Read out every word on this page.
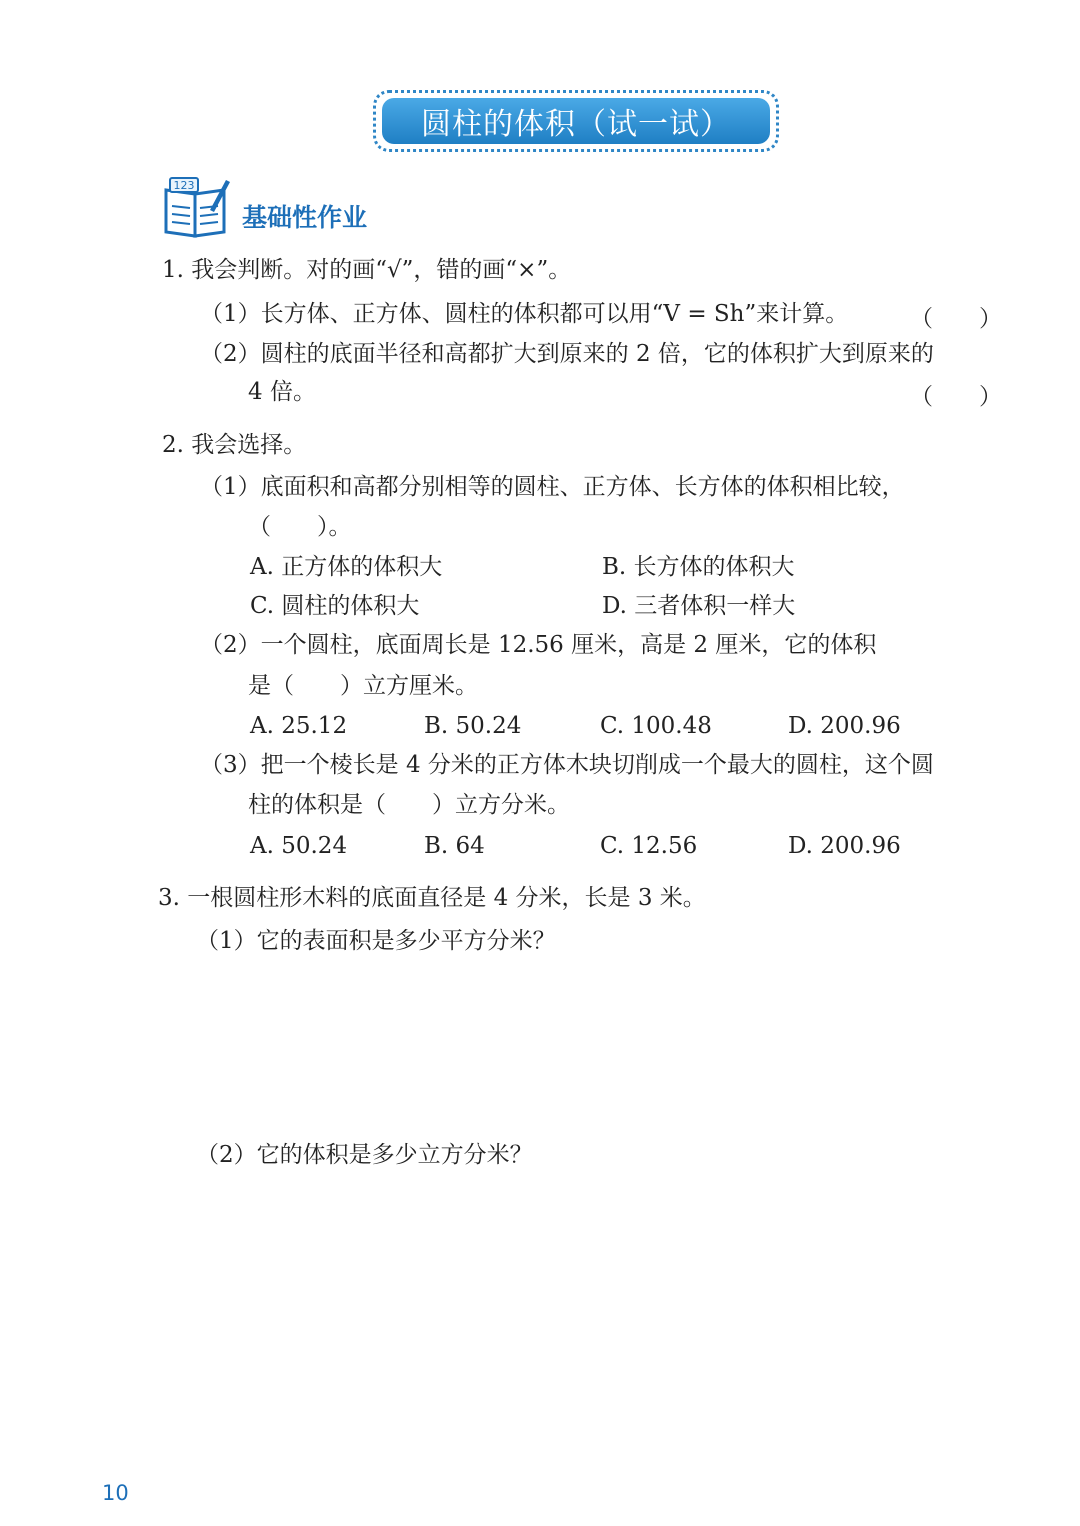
圆柱的体积（试一试）
123
基础性作业
1. 我会判断。对的画“√”，错的画“×”。
（1）长方体、正方体、圆柱的体积都可以用“V = Sh”来计算。	（　　）
（2）圆柱的底面半径和高都扩大到原来的 2 倍，它的体积扩大到原来的
4 倍。	（　　）
2. 我会选择。
（1）底面积和高都分别相等的圆柱、正方体、长方体的体积相比较，
（　　）。
A. 正方体的体积大	B. 长方体的体积大
C. 圆柱的体积大	D. 三者体积一样大
（2）一个圆柱，底面周长是 12.56 厘米，高是 2 厘米，它的体积
是（　　）立方厘米。
A. 25.12	B. 50.24	C. 100.48	D. 200.96
（3）把一个棱长是 4 分米的正方体木块切削成一个最大的圆柱，这个圆
柱的体积是（　　）立方分米。
A. 50.24	B. 64	C. 12.56	D. 200.96
3. 一根圆柱形木料的底面直径是 4 分米，长是 3 米。
（1）它的表面积是多少平方分米？
（2）它的体积是多少立方分米？
10
